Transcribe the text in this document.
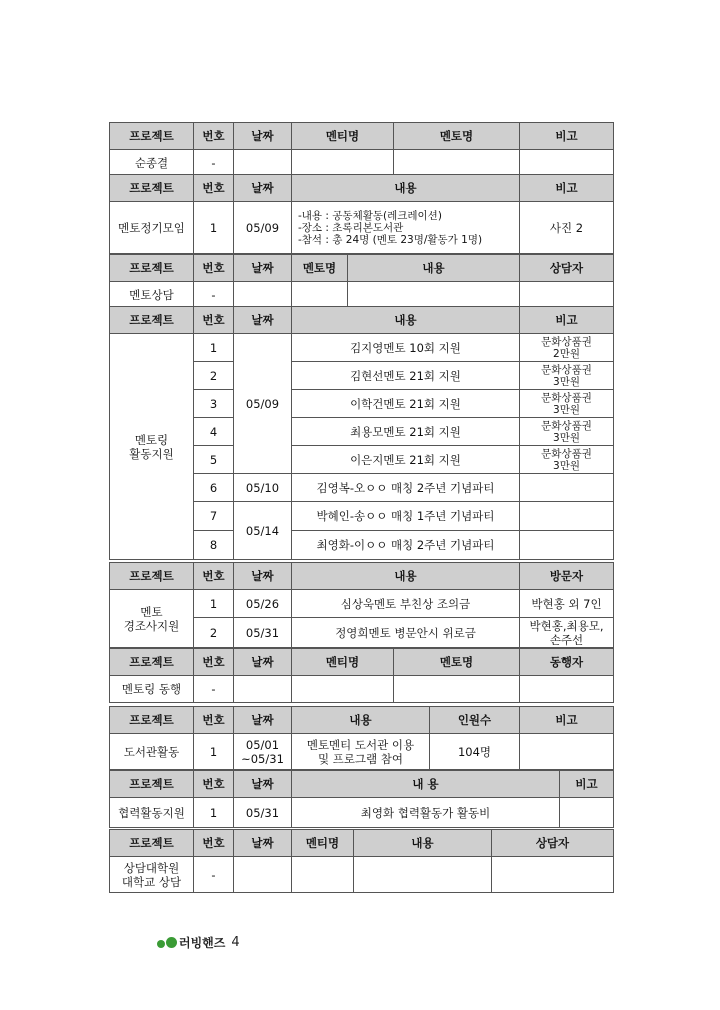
프로젝트	번호	날짜	멘티명	멘토명	비고
순종결	-				
프로젝트	번호	날짜	내용	비고
멘토정기모임	1	05/09	-내용 : 공동체활동(레크레이션)
-장소 : 초록리본도서관
-참석 : 총 24명 (멘토 23명/활동가 1명)	사진 2
프로젝트	번호	날짜	멘토명	내용	상담자
멘토상담	-				
프로젝트	번호	날짜	내용	비고
멘토링
활동지원	1	05/09	김지영멘토 10회 지원	문화상품권
2만원
	2		김현선멘토 21회 지원	문화상품권
3만원
	3		이학건멘토 21회 지원	문화상품권
3만원
	4		최용모멘토 21회 지원	문화상품권
3만원
	5		이은지멘토 21회 지원	문화상품권
3만원
	6	05/10	김영복-오ㅇㅇ 매칭 2주년 기념파티	
	7	05/14	박혜인-송ㅇㅇ 매칭 1주년 기념파티	
	8		최영화-이ㅇㅇ 매칭 2주년 기념파티	
프로젝트	번호	날짜	내용	방문자
멘토
경조사지원	1	05/26	심상욱멘토 부친상 조의금	박현홍 외 7인
	2	05/31	정영희멘토 병문안시 위로금	박현홍,최용모,
손주선
프로젝트	번호	날짜	멘티명	멘토명	동행자
멘토링 동행	-				
프로젝트	번호	날짜	내용	인원수	비고
도서관활동	1	05/01
~05/31	멘토멘티 도서관 이용
및 프로그램 참여	104명	
프로젝트	번호	날짜	내 용	비고
협력활동지원	1	05/31	최영화 협력활동가 활동비	
프로젝트	번호	날짜	멘티명	내용	상담자
상담대학원
대학교 상담	-				
러빙핸즈 4
